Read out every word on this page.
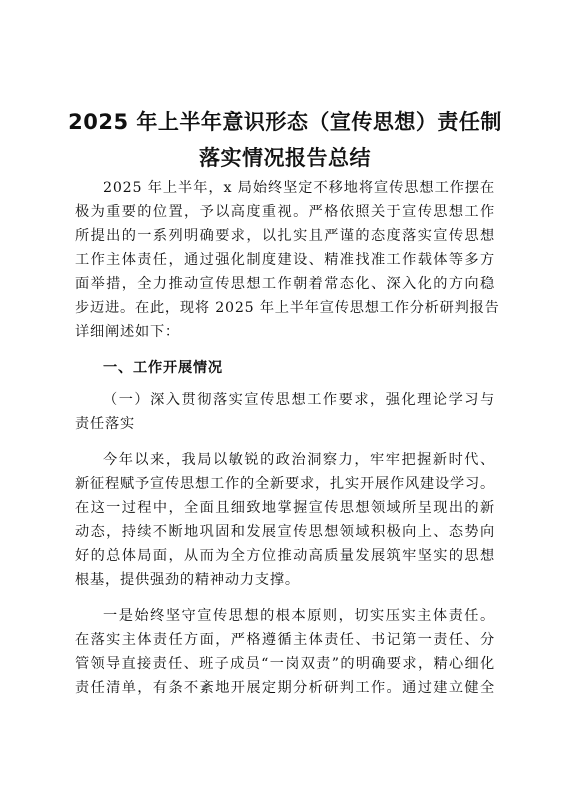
2025 年上半年意识形态（宣传思想）责任制
落实情况报告总结
2025 年上半年，x 局始终坚定不移地将宣传思想工作摆在
极为重要的位置，予以高度重视。严格依照关于宣传思想工作
所提出的一系列明确要求，以扎实且严谨的态度落实宣传思想
工作主体责任，通过强化制度建设、精准找准工作载体等多方
面举措，全力推动宣传思想工作朝着常态化、深入化的方向稳
步迈进。在此，现将 2025 年上半年宣传思想工作分析研判报告
详细阐述如下：
一、工作开展情况
（一）深入贯彻落实宣传思想工作要求，强化理论学习与
责任落实
今年以来，我局以敏锐的政治洞察力，牢牢把握新时代、
新征程赋予宣传思想工作的全新要求，扎实开展作风建设学习。
在这一过程中，全面且细致地掌握宣传思想领域所呈现出的新
动态，持续不断地巩固和发展宣传思想领域积极向上、态势向
好的总体局面，从而为全方位推动高质量发展筑牢坚实的思想
根基，提供强劲的精神动力支撑。
一是始终坚守宣传思想的根本原则，切实压实主体责任。
在落实主体责任方面，严格遵循主体责任、书记第一责任、分
管领导直接责任、班子成员“一岗双责”的明确要求，精心细化
责任清单，有条不紊地开展定期分析研判工作。通过建立健全
